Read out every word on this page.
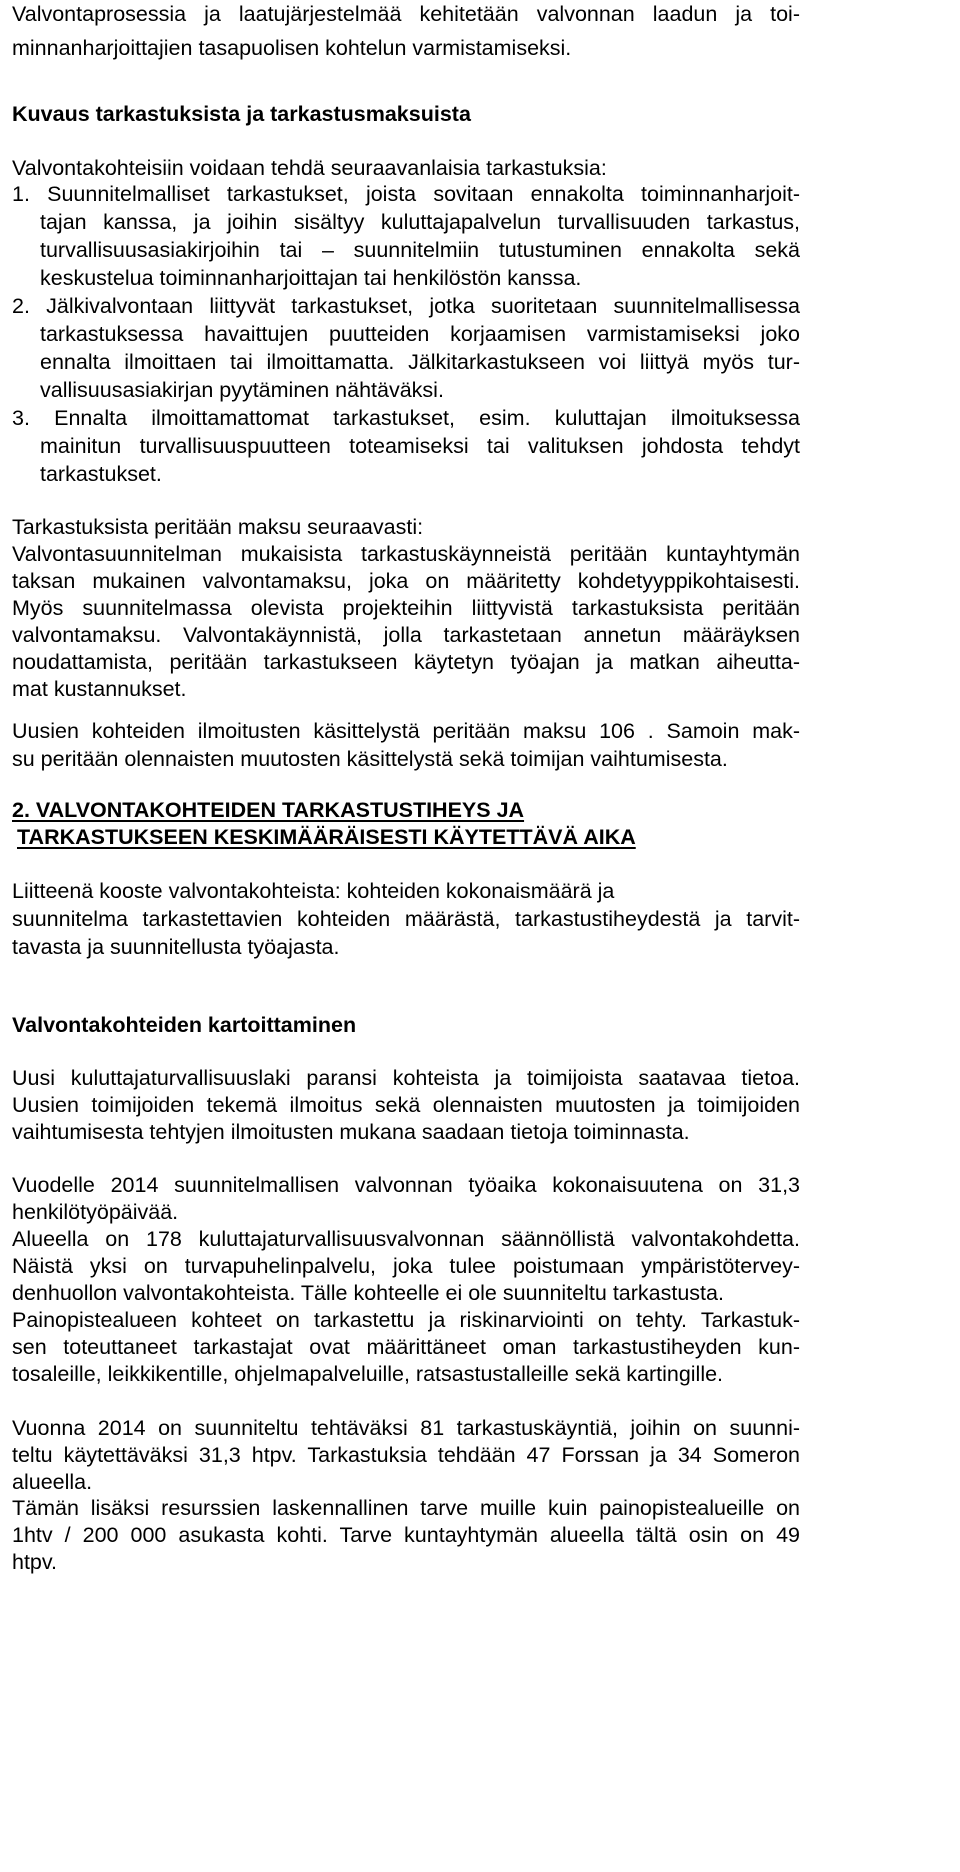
Valvontaprosessia ja laatujärjestelmää kehitetään valvonnan laadun ja toi-

minnanharjoittajien tasapuolisen kohtelun varmistamiseksi.

Kuvaus tarkastuksista ja tarkastusmaksuista

Valvontakohteisiin voidaan tehdä seuraavanlaisia tarkastuksia:

1. Suunnitelmalliset tarkastukset, joista sovitaan ennakolta toiminnanharjoit-

tajan kanssa, ja joihin sisältyy kuluttajapalvelun turvallisuuden tarkastus,

turvallisuusasiakirjoihin tai – suunnitelmiin tutustuminen ennakolta sekä

keskustelua toiminnanharjoittajan tai henkilöstön kanssa.

2. Jälkivalvontaan liittyvät tarkastukset, jotka suoritetaan suunnitelmallisessa

tarkastuksessa havaittujen puutteiden korjaamisen varmistamiseksi joko

ennalta ilmoittaen tai ilmoittamatta. Jälkitarkastukseen voi liittyä myös tur-

vallisuusasiakirjan pyytäminen nähtäväksi.

3. Ennalta ilmoittamattomat tarkastukset, esim. kuluttajan ilmoituksessa

mainitun turvallisuuspuutteen toteamiseksi tai valituksen johdosta tehdyt

tarkastukset.

Tarkastuksista peritään maksu seuraavasti:

Valvontasuunnitelman mukaisista tarkastuskäynneistä peritään kuntayhtymän

taksan mukainen valvontamaksu, joka on määritetty kohdetyyppikohtaisesti.

Myös suunnitelmassa olevista projekteihin liittyvistä tarkastuksista peritään

valvontamaksu. Valvontakäynnistä, jolla tarkastetaan annetun määräyksen

noudattamista, peritään tarkastukseen käytetyn työajan ja matkan aiheutta-

mat kustannukset.

Uusien kohteiden ilmoitusten käsittelystä peritään maksu 106 . Samoin mak-

su peritään olennaisten muutosten käsittelystä sekä toimijan vaihtumisesta.

2. VALVONTAKOHTEIDEN TARKASTUSTIHEYS JA

TARKASTUKSEEN KESKIMÄÄRÄISESTI KÄYTETTÄVÄ AIKA

Liitteenä kooste valvontakohteista: kohteiden kokonaismäärä ja

suunnitelma tarkastettavien kohteiden määrästä, tarkastustiheydestä ja tarvit-

tavasta ja suunnitellusta työajasta.

Valvontakohteiden kartoittaminen

Uusi kuluttajaturvallisuuslaki paransi kohteista ja toimijoista saatavaa tietoa.

Uusien toimijoiden tekemä ilmoitus sekä olennaisten muutosten ja toimijoiden

vaihtumisesta tehtyjen ilmoitusten mukana saadaan tietoja toiminnasta.

Vuodelle 2014 suunnitelmallisen valvonnan työaika kokonaisuutena on 31,3

henkilötyöpäivää.

Alueella on 178 kuluttajaturvallisuusvalvonnan säännöllistä valvontakohdetta.

Näistä yksi on turvapuhelinpalvelu, joka tulee poistumaan ympäristötervey-

denhuollon valvontakohteista. Tälle kohteelle ei ole suunniteltu tarkastusta.

Painopistealueen kohteet on tarkastettu ja riskinarviointi on tehty. Tarkastuk-

sen toteuttaneet tarkastajat ovat määrittäneet oman tarkastustiheyden kun-

tosaleille, leikkikentille, ohjelmapalveluille, ratsastustalleille sekä kartingille.

Vuonna 2014 on suunniteltu tehtäväksi 81 tarkastuskäyntiä, joihin on suunni-

teltu käytettäväksi 31,3 htpv. Tarkastuksia tehdään 47 Forssan ja 34 Someron

alueella.

Tämän lisäksi resurssien laskennallinen tarve muille kuin painopistealueille on

1htv / 200 000 asukasta kohti. Tarve kuntayhtymän alueella tältä osin on 49

htpv.
